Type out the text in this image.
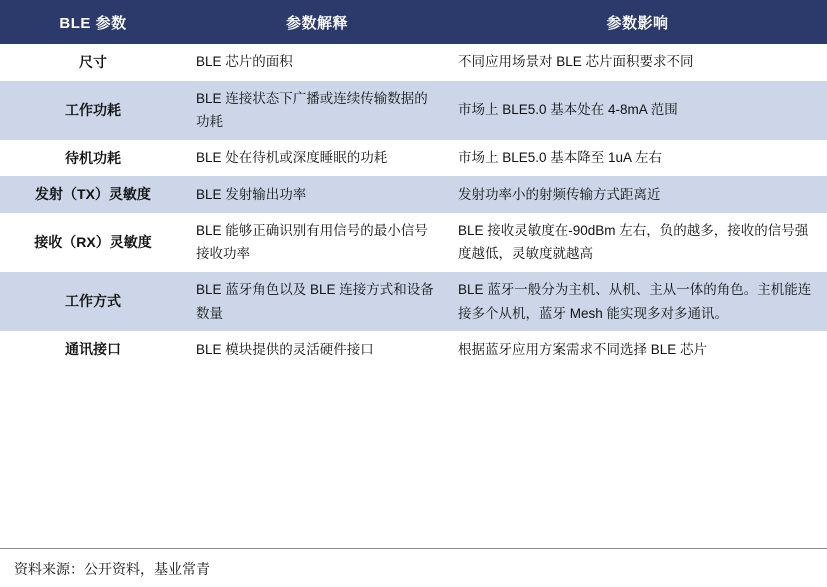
BLE 参数	参数解释	参数影响
尺寸	BLE 芯片的面积	不同应用场景对 BLE 芯片面积要求不同
工作功耗	BLE 连接状态下广播或连续传输数据的功耗	市场上 BLE5.0 基本处在 4-8mA 范围
待机功耗	BLE 处在待机或深度睡眠的功耗	市场上 BLE5.0 基本降至 1uA 左右
发射（TX）灵敏度	BLE 发射输出功率	发射功率小的射频传输方式距离近
接收（RX）灵敏度	BLE 能够正确识别有用信号的最小信号接收功率	BLE 接收灵敏度在-90dBm 左右，负的越多，接收的信号强度越低，灵敏度就越高
工作方式	BLE 蓝牙角色以及 BLE 连接方式和设备数量	BLE 蓝牙一般分为主机、从机、主从一体的角色。主机能连接多个从机，蓝牙 Mesh 能实现多对多通讯。
通讯接口	BLE 模块提供的灵活硬件接口	根据蓝牙应用方案需求不同选择 BLE 芯片
资料来源：公开资料，基业常青
